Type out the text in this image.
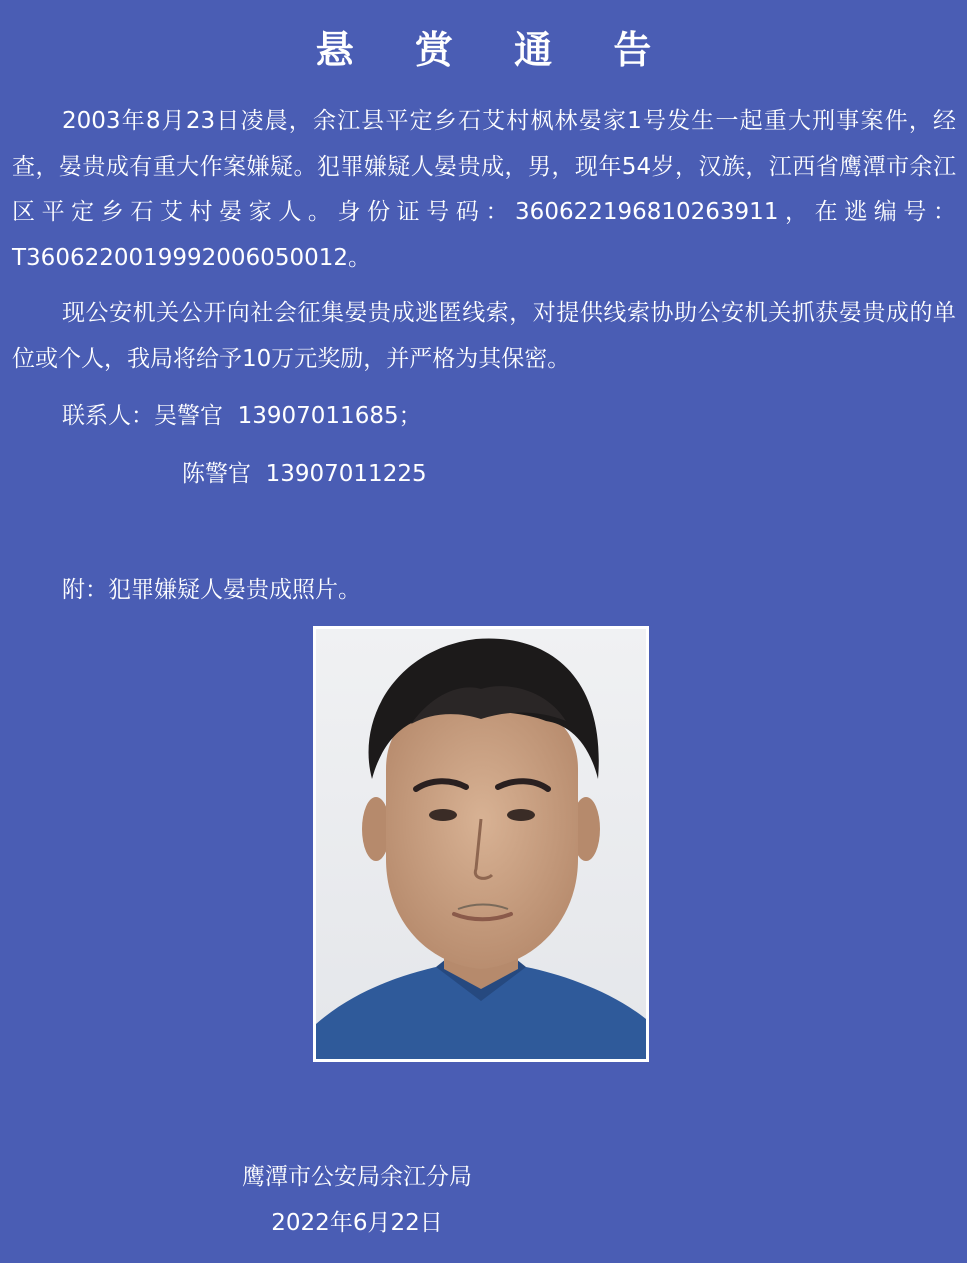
悬 赏 通 告

2003年8月23日凌晨，余江县平定乡石艾村枫林晏家1号发生一起重大刑事案件，经查，晏贵成有重大作案嫌疑。犯罪嫌疑人晏贵成，男，现年54岁，汉族，江西省鹰潭市余江区平定乡石艾村晏家人。身份证号码：360622196810263911，在逃编号：T3606220019992006050012。

现公安机关公开向社会征集晏贵成逃匿线索，对提供线索协助公安机关抓获晏贵成的单位或个人，我局将给予10万元奖励，并严格为其保密。

联系人：吴警官  13907011685；
陈警官  13907011225
附：犯罪嫌疑人晏贵成照片。
鹰潭市公安局余江分局
2022年6月22日
